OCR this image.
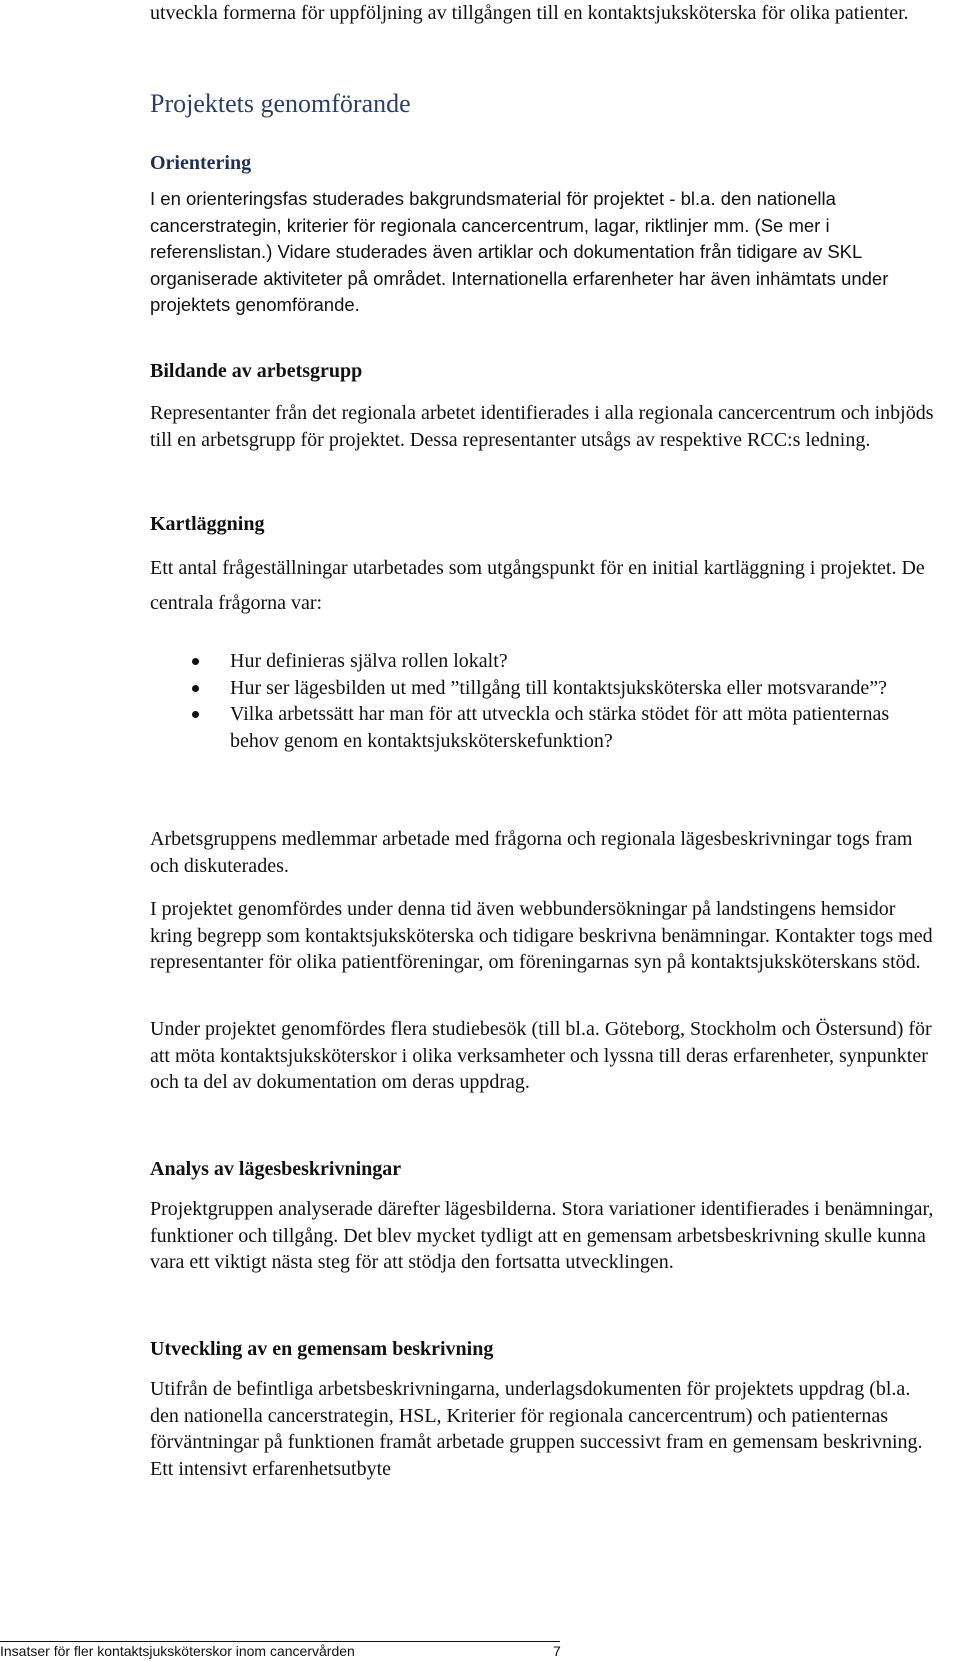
utveckla formerna för uppföljning av tillgången till en kontaktsjuksköterska för olika patienter.

Projektets genomförande
Orientering

I en orienteringsfas studerades bakgrundsmaterial för projektet - bl.a. den nationella cancerstrategin, kriterier för regionala cancercentrum, lagar, riktlinjer mm. (Se mer i referenslistan.) Vidare studerades även artiklar och dokumentation från tidigare av SKL organiserade aktiviteter på området. Internationella erfarenheter har även inhämtats under projektets genomförande.

Bildande av arbetsgrupp

Representanter från det regionala arbetet identifierades i alla regionala cancercentrum och inbjöds till en arbetsgrupp för projektet. Dessa representanter utsågs av respektive RCC:s ledning.

Kartläggning

Ett antal frågeställningar utarbetades som utgångspunkt för en initial kartläggning i projektet. De centrala frågorna var:

Hur definieras själva rollen lokalt?
Hur ser lägesbilden ut med ”tillgång till kontaktsjuksköterska eller motsvarande”?
Vilka arbetssätt har man för att utveckla och stärka stödet för att möta patienternas behov genom en kontaktsjuksköterskefunktion?

Arbetsgruppens medlemmar arbetade med frågorna och regionala lägesbeskrivningar togs fram och diskuterades.

I projektet genomfördes under denna tid även webbundersökningar på landstingens hemsidor kring begrepp som kontaktsjuksköterska och tidigare beskrivna benämningar. Kontakter togs med representanter för olika patientföreningar, om föreningarnas syn på kontaktsjuksköterskans stöd.

Under projektet genomfördes flera studiebesök (till bl.a. Göteborg, Stockholm och Östersund) för att möta kontaktsjuksköterskor i olika verksamheter och lyssna till deras erfarenheter, synpunkter och ta del av dokumentation om deras uppdrag.

Analys av lägesbeskrivningar

Projektgruppen analyserade därefter lägesbilderna. Stora variationer identifierades i benämningar, funktioner och tillgång. Det blev mycket tydligt att en gemensam arbetsbeskrivning skulle kunna vara ett viktigt nästa steg för att stödja den fortsatta utvecklingen.

Utveckling av en gemensam beskrivning

Utifrån de befintliga arbetsbeskrivningarna, underlagsdokumenten för projektets uppdrag (bl.a. den nationella cancerstrategin, HSL, Kriterier för regionala cancercentrum) och patienternas förväntningar på funktionen framåt arbetade gruppen successivt fram en gemensam beskrivning. Ett intensivt erfarenhetsutbyte

Insatser för fler kontaktsjuksköterskor inom cancervården	7
